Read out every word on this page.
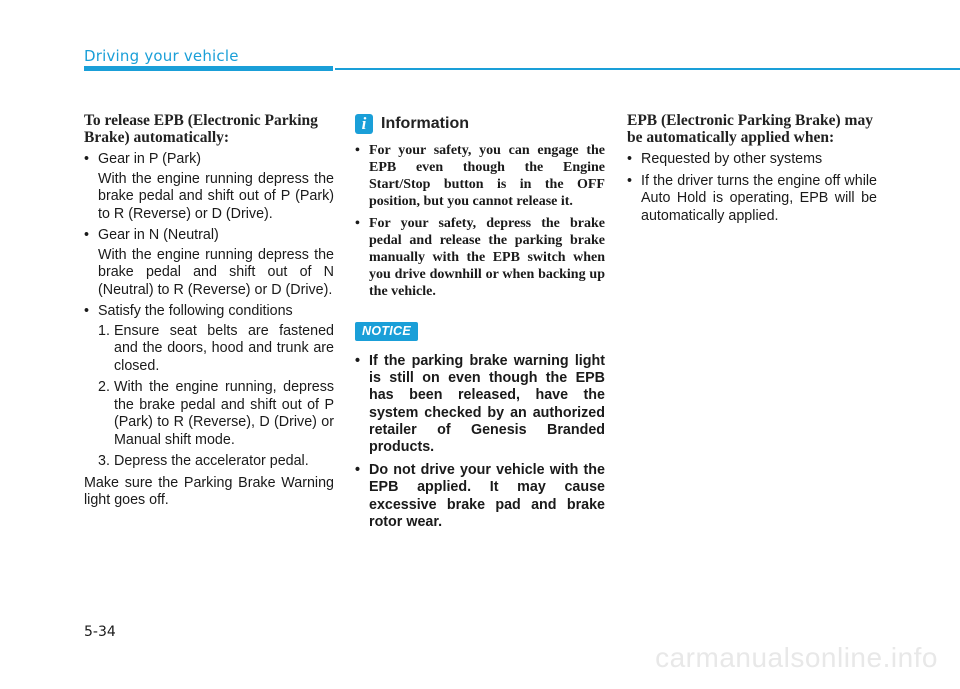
Driving your vehicle

To release EPB (Electronic Parking Brake) automatically:

• Gear in P (Park)

With the engine running depress the brake pedal and shift out of P (Park) to R (Reverse) or D (Drive).

• Gear in N (Neutral)

With the engine running depress the brake pedal and shift out of N (Neutral) to R (Reverse) or D (Drive).

• Satisfy the following conditions

1. Ensure seat belts are fastened and the doors, hood and trunk are closed.

2. With the engine running, depress the brake pedal and shift out of P (Park) to R (Reverse), D (Drive) or Manual shift mode.

3. Depress the accelerator pedal.

Make sure the Parking Brake Warning light goes off.

i Information

• For your safety, you can engage the EPB even though the Engine Start/Stop button is in the OFF position, but you cannot release it.

• For your safety, depress the brake pedal and release the parking brake manually with the EPB switch when you drive downhill or when backing up the vehicle.

NOTICE

• If the parking brake warning light is still on even though the EPB has been released, have the system checked by an authorized retailer of Genesis Branded products.

• Do not drive your vehicle with the EPB applied. It may cause excessive brake pad and brake rotor wear.

EPB (Electronic Parking Brake) may be automatically applied when:

• Requested by other systems

• If the driver turns the engine off while Auto Hold is operating, EPB will be automatically applied.

5-34
carmanualsonline.info
